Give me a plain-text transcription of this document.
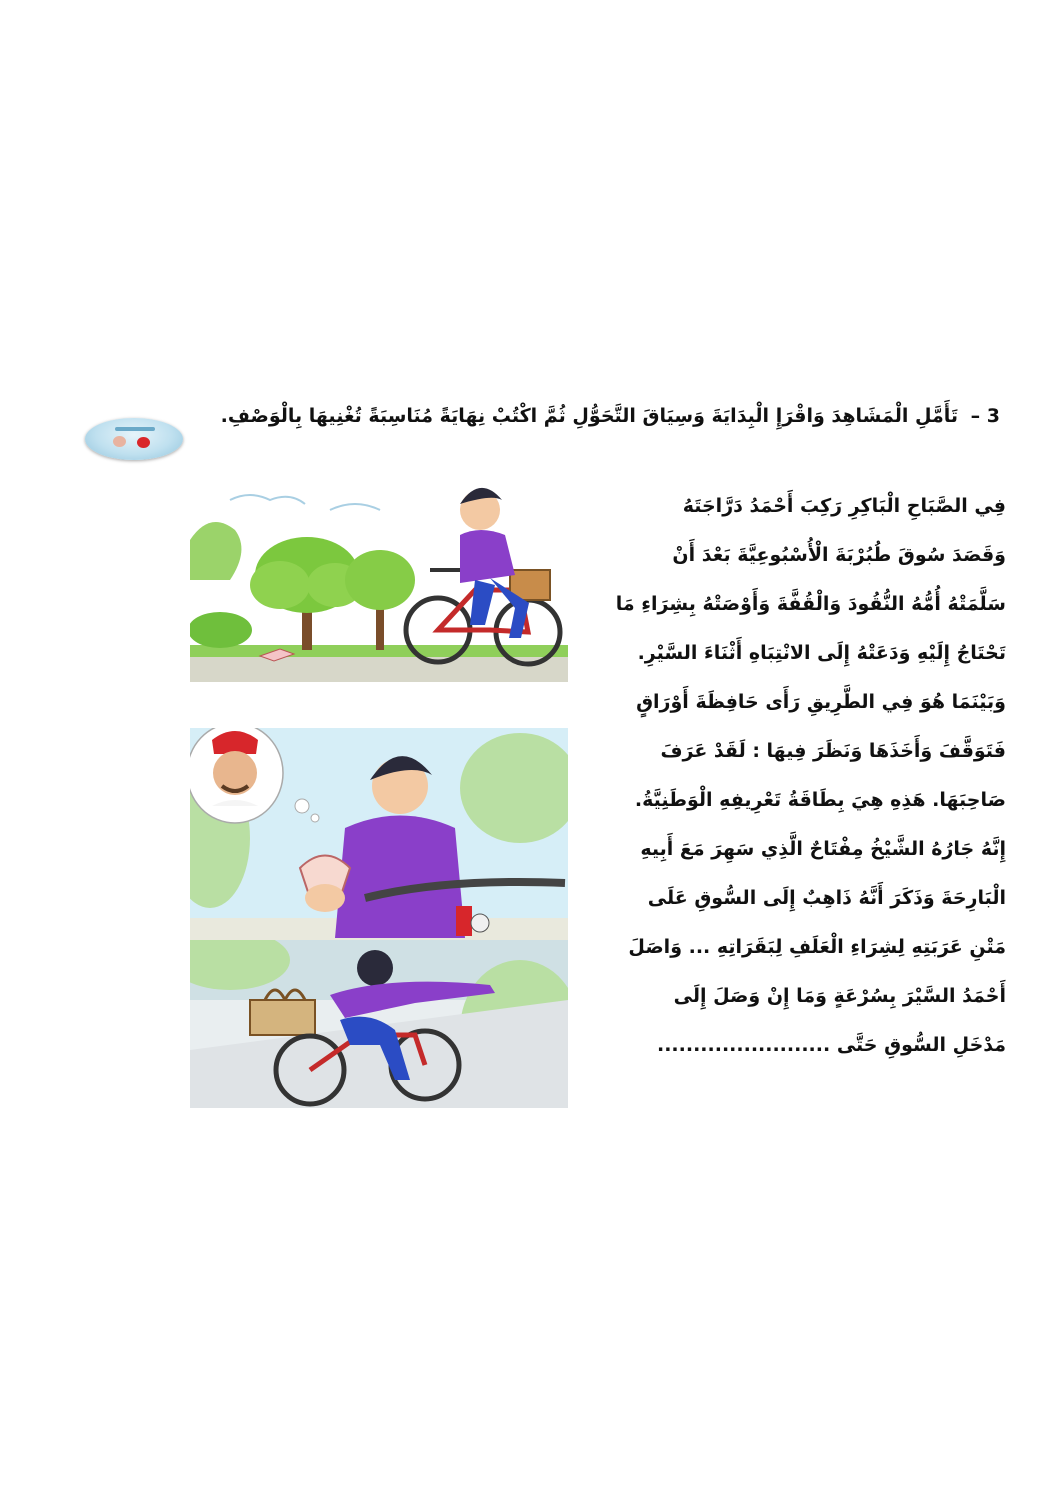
3 – تَأَمَّلِ الْمَشَاهِدَ وَاقْرَإِ الْبِدَايَةَ وَسِيَاقَ التَّحَوُّلِ ثُمَّ اكْتُبْ نِهَايَةً مُنَاسِبَةً تُغْنِيهَا بِالْوَصْفِ.
فِي الصَّبَاحِ الْبَاكِرِ رَكِبَ أَحْمَدُ دَرَّاجَتَهُ
وَقَصَدَ سُوقَ طُبُرْبَةَ الْأُسْبُوعِيَّةَ بَعْدَ أَنْ
سَلَّمَتْهُ أُمُّهُ النُّقُودَ وَالْقُفَّةَ وَأَوْصَتْهُ بِشِرَاءِ مَا
تَحْتَاجُ إِلَيْهِ وَدَعَتْهُ إِلَى الانْتِبَاهِ أَثْنَاءَ السَّيْرِ.
وَبَيْنَمَا هُوَ فِي الطَّرِيقِ رَأَى حَافِظَةَ أَوْرَاقٍ
فَتَوَقَّفَ وَأَخَذَهَا وَنَظَرَ فِيهَا : لَقَدْ عَرَفَ
صَاحِبَهَا. هَذِهِ هِيَ بِطَاقَةُ تَعْرِيفِهِ الْوَطَنِيَّةُ.
إِنَّهُ جَارُهُ الشَّيْخُ مِفْتَاحٌ الَّذِي سَهِرَ مَعَ أَبِيهِ
الْبَارِحَةَ وَذَكَرَ أَنَّهُ ذَاهِبٌ إِلَى السُّوقِ عَلَى
مَتْنِ عَرَبَتِهِ لِشِرَاءِ الْعَلَفِ لِبَقَرَاتِهِ ... وَاصَلَ
أَحْمَدُ السَّيْرَ بِسُرْعَةٍ وَمَا إِنْ وَصَلَ إِلَى
مَدْخَلِ السُّوقِ حَتَّى ........................
